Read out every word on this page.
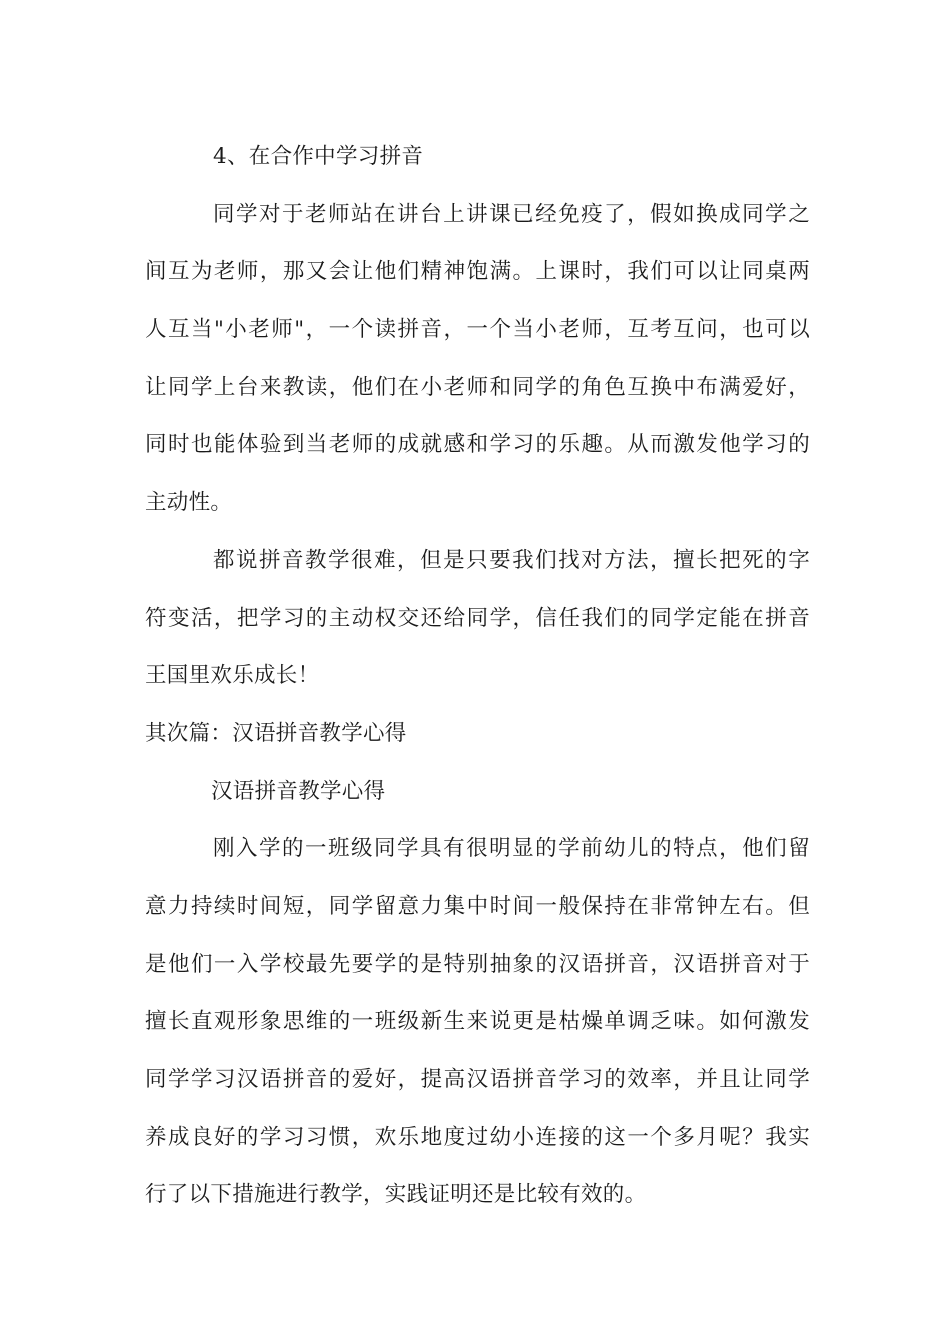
4、在合作中学习拼音
同学对于老师站在讲台上讲课已经免疫了，假如换成同学之
间互为老师，那又会让他们精神饱满。上课时，我们可以让同桌两
人互当"小老师"，一个读拼音，一个当小老师，互考互问，也可以
让同学上台来教读，他们在小老师和同学的角色互换中布满爱好，
同时也能体验到当老师的成就感和学习的乐趣。从而激发他学习的
主动性。
都说拼音教学很难，但是只要我们找对方法，擅长把死的字
符变活，把学习的主动权交还给同学，信任我们的同学定能在拼音
王国里欢乐成长！
其次篇：汉语拼音教学心得
汉语拼音教学心得
刚入学的一班级同学具有很明显的学前幼儿的特点，他们留
意力持续时间短，同学留意力集中时间一般保持在非常钟左右。但
是他们一入学校最先要学的是特别抽象的汉语拼音，汉语拼音对于
擅长直观形象思维的一班级新生来说更是枯燥单调乏味。如何激发
同学学习汉语拼音的爱好，提高汉语拼音学习的效率，并且让同学
养成良好的学习习惯，欢乐地度过幼小连接的这一个多月呢？我实
行了以下措施进行教学，实践证明还是比较有效的。
